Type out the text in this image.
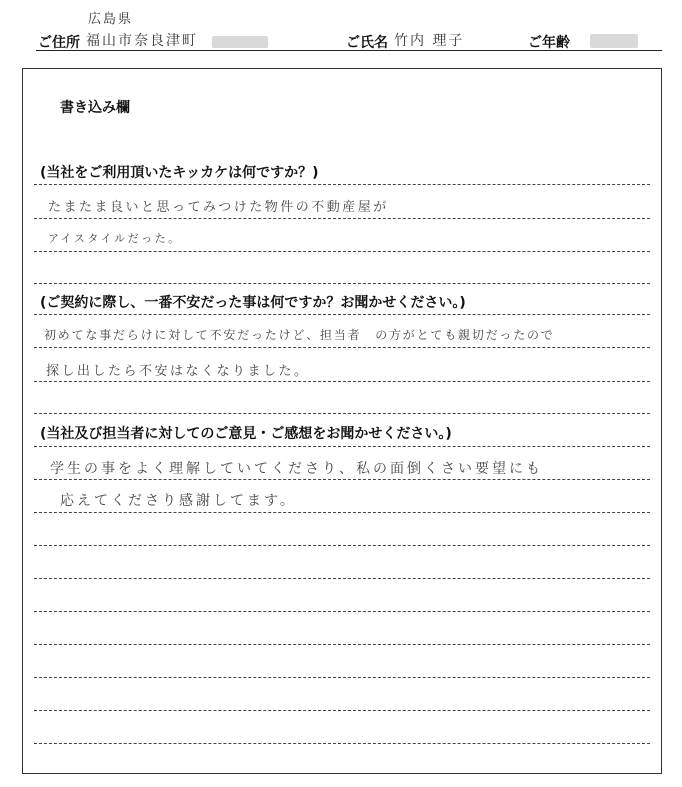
広島県
ご住所 福山市奈良津町	ご氏名 竹内 理子	ご年齢
書き込み欄
(当社をご利用頂いたキッカケは何ですか？)
たまたま良いと思ってみつけた物件の不動産屋が
アイスタイルだった。
(ご契約に際し、一番不安だった事は何ですか？お聞かせください。)
初めてな事だらけに対して不安だったけど、担当者　の方がとても親切だったので
探し出したら不安はなくなりました。
(当社及び担当者に対してのご意見・ご感想をお聞かせください。)
学生の事をよく理解していてくださり、私の面倒くさい要望にも
応えてくださり感謝してます。
